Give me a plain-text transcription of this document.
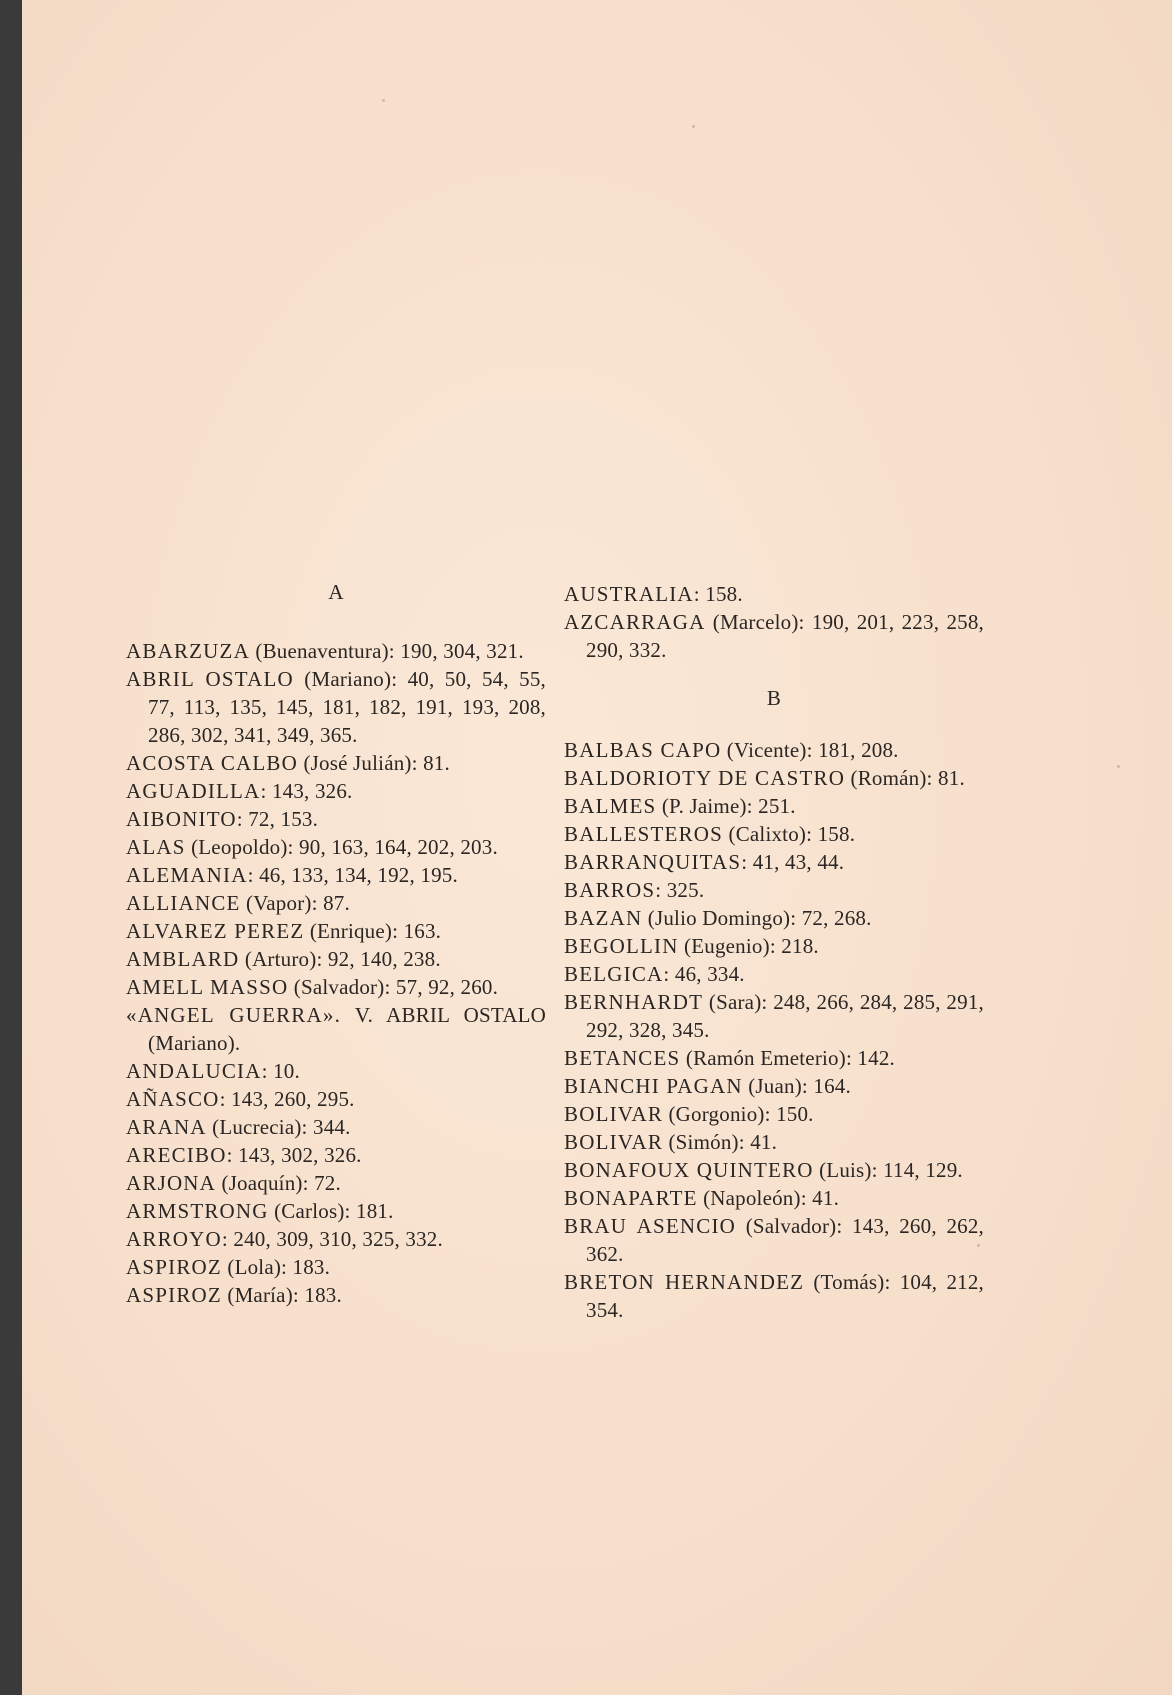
A
ABARZUZA (Buenaventura): 190, 304, 321.
ABRIL OSTALO (Mariano): 40, 50, 54, 55, 77, 113, 135, 145, 181, 182, 191, 193, 208, 286, 302, 341, 349, 365.
ACOSTA CALBO (José Julián): 81.
AGUADILLA: 143, 326.
AIBONITO: 72, 153.
ALAS (Leopoldo): 90, 163, 164, 202, 203.
ALEMANIA: 46, 133, 134, 192, 195.
ALLIANCE (Vapor): 87.
ALVAREZ PEREZ (Enrique): 163.
AMBLARD (Arturo): 92, 140, 238.
AMELL MASSO (Salvador): 57, 92, 260.
«ANGEL GUERRA». V. ABRIL OSTALO (Mariano).
ANDALUCIA: 10.
AÑASCO: 143, 260, 295.
ARANA (Lucrecia): 344.
ARECIBO: 143, 302, 326.
ARJONA (Joaquín): 72.
ARMSTRONG (Carlos): 181.
ARROYO: 240, 309, 310, 325, 332.
ASPIROZ (Lola): 183.
ASPIROZ (María): 183.
AUSTRALIA: 158.
AZCARRAGA (Marcelo): 190, 201, 223, 258, 290, 332.
B
BALBAS CAPO (Vicente): 181, 208.
BALDORIOTY DE CASTRO (Román): 81.
BALMES (P. Jaime): 251.
BALLESTEROS (Calixto): 158.
BARRANQUITAS: 41, 43, 44.
BARROS: 325.
BAZAN (Julio Domingo): 72, 268.
BEGOLLIN (Eugenio): 218.
BELGICA: 46, 334.
BERNHARDT (Sara): 248, 266, 284, 285, 291, 292, 328, 345.
BETANCES (Ramón Emeterio): 142.
BIANCHI PAGAN (Juan): 164.
BOLIVAR (Gorgonio): 150.
BOLIVAR (Simón): 41.
BONAFOUX QUINTERO (Luis): 114, 129.
BONAPARTE (Napoleón): 41.
BRAU ASENCIO (Salvador): 143, 260, 262, 362.
BRETON HERNANDEZ (Tomás): 104, 212, 354.
